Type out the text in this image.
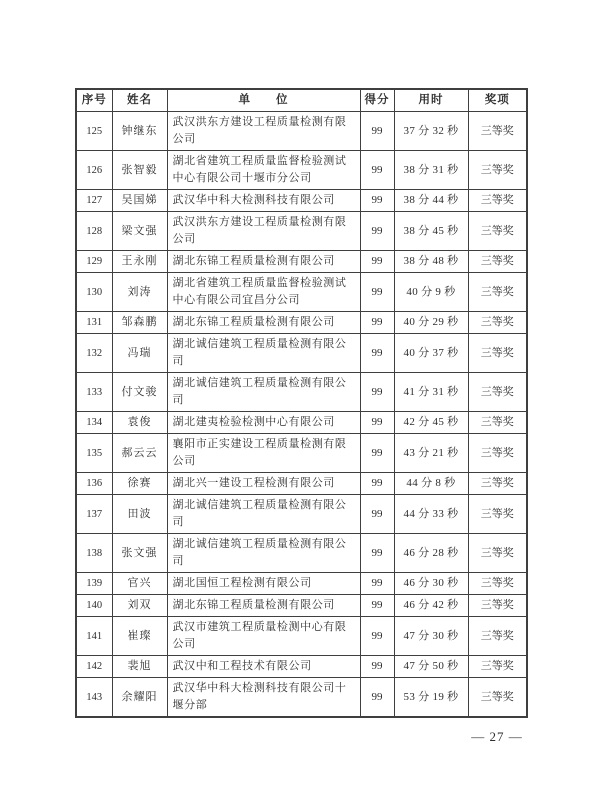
序号	姓名	单　　位	得分	用时	奖项
125	钟继东	武汉洪东方建设工程质量检测有限公司	99	37 分 32 秒	三等奖
126	张智毅	湖北省建筑工程质量监督检验测试中心有限公司十堰市分公司	99	38 分 31 秒	三等奖
127	吴国娣	武汉华中科大检测科技有限公司	99	38 分 44 秒	三等奖
128	梁文强	武汉洪东方建设工程质量检测有限公司	99	38 分 45 秒	三等奖
129	王永刚	湖北东锦工程质量检测有限公司	99	38 分 48 秒	三等奖
130	刘涛	湖北省建筑工程质量监督检验测试中心有限公司宜昌分公司	99	40 分 9 秒	三等奖
131	邹森鹏	湖北东锦工程质量检测有限公司	99	40 分 29 秒	三等奖
132	冯瑞	湖北诚信建筑工程质量检测有限公司	99	40 分 37 秒	三等奖
133	付文骏	湖北诚信建筑工程质量检测有限公司	99	41 分 31 秒	三等奖
134	袁俊	湖北建夷检验检测中心有限公司	99	42 分 45 秒	三等奖
135	郝云云	襄阳市正实建设工程质量检测有限公司	99	43 分 21 秒	三等奖
136	徐赛	湖北兴一建设工程检测有限公司	99	44 分 8 秒	三等奖
137	田波	湖北诚信建筑工程质量检测有限公司	99	44 分 33 秒	三等奖
138	张文强	湖北诚信建筑工程质量检测有限公司	99	46 分 28 秒	三等奖
139	官兴	湖北国恒工程检测有限公司	99	46 分 30 秒	三等奖
140	刘双	湖北东锦工程质量检测有限公司	99	46 分 42 秒	三等奖
141	崔璨	武汉市建筑工程质量检测中心有限公司	99	47 分 30 秒	三等奖
142	裴旭	武汉中和工程技术有限公司	99	47 分 50 秒	三等奖
143	余耀阳	武汉华中科大检测科技有限公司十堰分部	99	53 分 19 秒	三等奖
— 27 —
